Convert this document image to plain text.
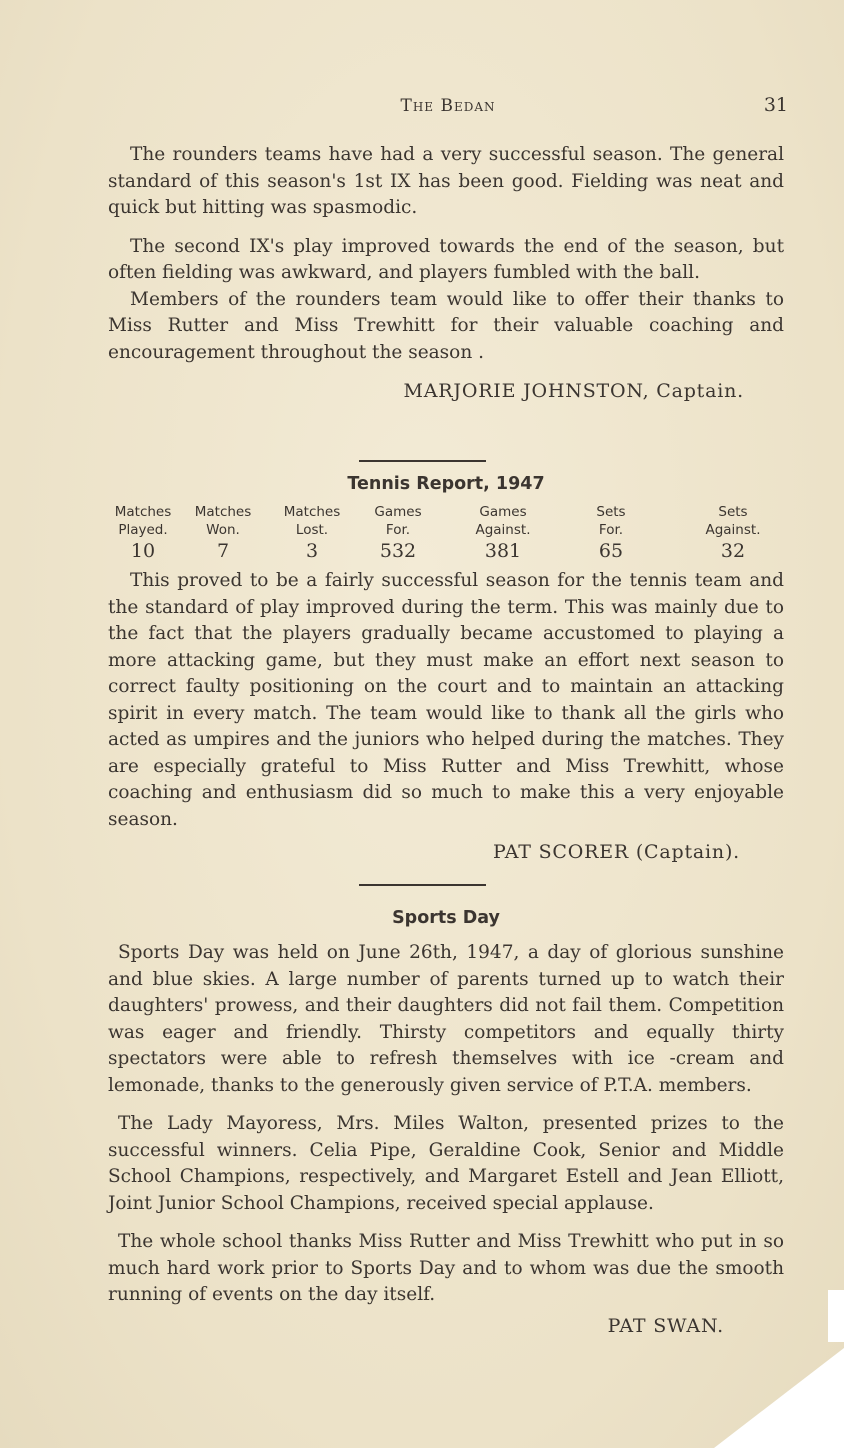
The Bedan	31

The rounders teams have had a very successful season. The general standard of this season's 1st IX has been good. Fielding was neat and quick but hitting was spasmodic.

The second IX's play improved towards the end of the season, but often fielding was awkward, and players fumbled with the ball.

Members of the rounders team would like to offer their thanks to Miss Rutter and Miss Trewhitt for their valuable coaching and encouragement throughout the season .

MARJORIE JOHNSTON, Captain.
Tennis Report, 1947
Matches
Played.
10
Matches
Won.
7
Matches
Lost.
3
Games
For.
532
Games
Against.
381
Sets
For.
65
Sets
Against.
32

This proved to be a fairly successful season for the tennis team and the standard of play improved during the term. This was mainly due to the fact that the players gradually became accustomed to playing a more attacking game, but they must make an effort next season to correct faulty positioning on the court and to maintain an attacking spirit in every match. The team would like to thank all the girls who acted as umpires and the juniors who helped during the matches. They are especially grateful to Miss Rutter and Miss Trewhitt, whose coaching and enthusiasm did so much to make this a very enjoyable season.

PAT SCORER (Captain).
Sports Day

Sports Day was held on June 26th, 1947, a day of glorious sunshine and blue skies. A large number of parents turned up to watch their daughters' prowess, and their daughters did not fail them. Competition was eager and friendly. Thirsty competitors and equally thirty spectators were able to refresh themselves with ice -cream and lemonade, thanks to the generously given service of P.T.A. members.

The Lady Mayoress, Mrs. Miles Walton, presented prizes to the successful winners. Celia Pipe, Geraldine Cook, Senior and Middle School Champions, respectively, and Margaret Estell and Jean Elliott, Joint Junior School Champions, received special applause.

The whole school thanks Miss Rutter and Miss Trewhitt who put in so much hard work prior to Sports Day and to whom was due the smooth running of events on the day itself.

PAT SWAN.
